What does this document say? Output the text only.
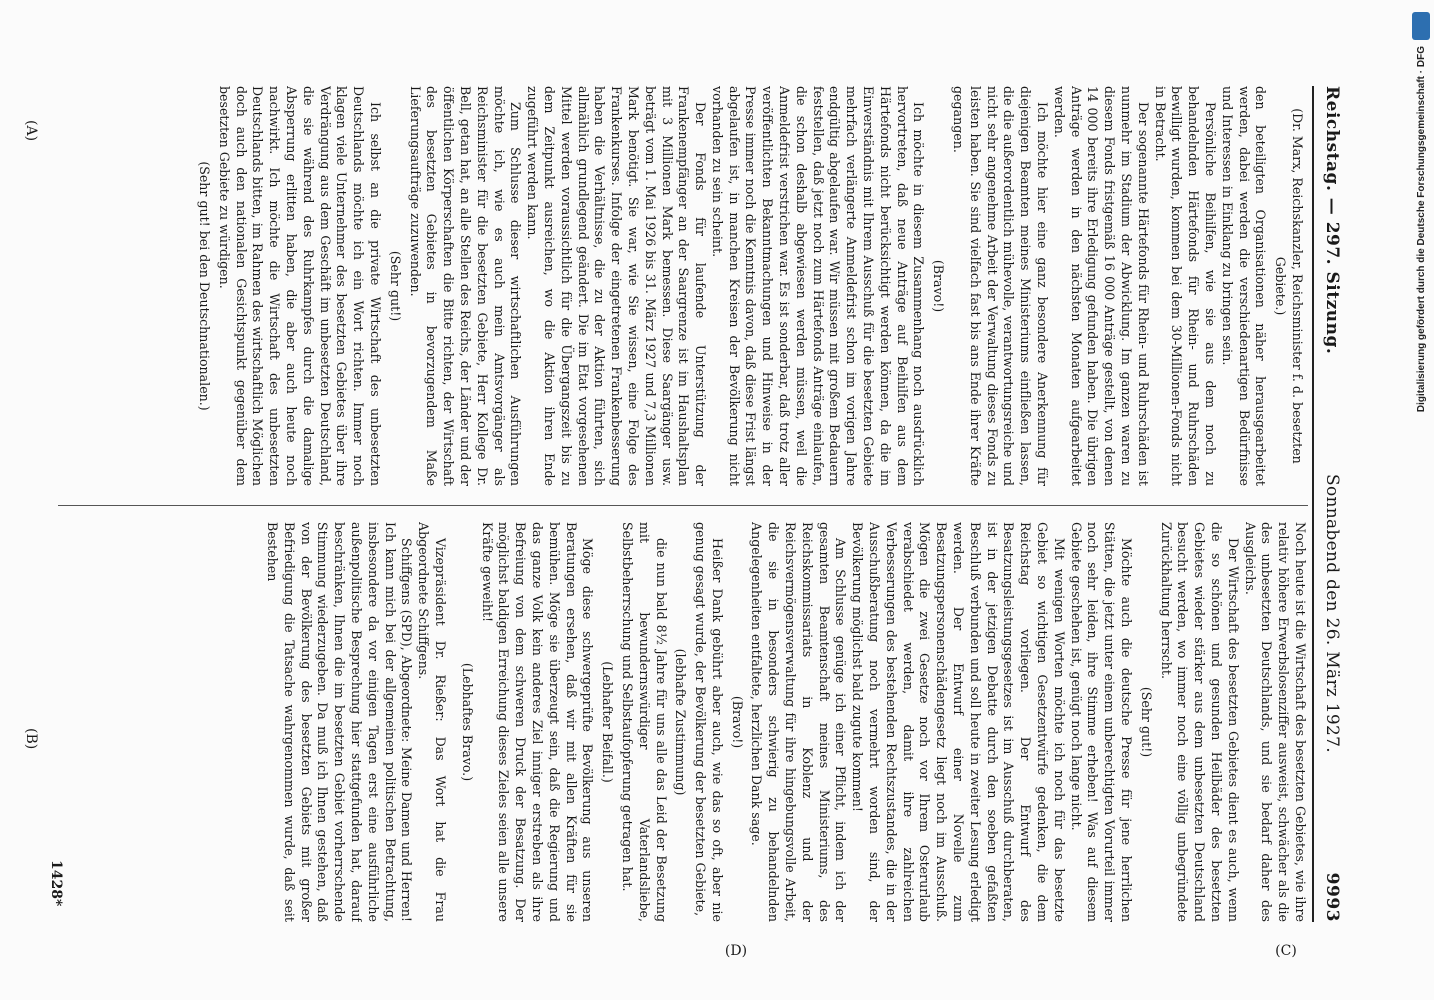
Reichstag. — 297. Sitzung.
Sonnabend den 26. März 1927.
9993

(Dr. Marx, Reichskanzler, Reichsminister f. d. besetzten Gebiete.)

den beteiligten Organisationen näher herausgearbeitet werden, dabei werden die verschiedenartigen Bedürfnisse und Interessen in Einklang zu bringen sein.

Persönliche Beihilfen, wie sie aus dem noch zu behandelnden Härtefonds für Rhein- und Ruhrschäden bewilligt wurden, kommen bei dem 30-Millionen-Fonds nicht in Betracht.

Der sogenannte Härtefonds für Rhein- und Ruhrschäden ist nunmehr im Stadium der Abwicklung. Im ganzen waren zu diesem Fonds fristgemäß 16 000 Anträge gestellt, von denen 14 000 bereits ihre Erledigung gefunden haben. Die übrigen Anträge werden in den nächsten Monaten aufgearbeitet werden.

Ich möchte hier eine ganz besondere Anerkennung für diejenigen Beamten meines Ministeriums einfließen lassen, die die außerordentlich mühevolle, verantwortungsreiche und nicht sehr angenehme Arbeit der Verwaltung dieses Fonds zu leisten haben. Sie sind vielfach fast bis ans Ende ihrer Kräfte gegangen.

(Bravo!)

Ich möchte in diesem Zusammenhang noch ausdrücklich hervortreten, daß neue Anträge auf Beihilfen aus dem Härtefonds nicht berücksichtigt werden können, da die im Einverständnis mit Ihrem Ausschuß für die besetzten Gebiete mehrfach verlängerte Anmeldefrist schon im vorigen Jahre endgültig abgelaufen war. Wir müssen mit großem Bedauern feststellen, daß jetzt noch zum Härtefonds Anträge einlaufen, die schon deshalb abgewiesen werden müssen, weil die Anmeldefrist verstrichen war. Es ist sonderbar, daß trotz aller veröffentlichten Bekanntmachungen und Hinweise in der Presse immer noch die Kenntnis davon, daß diese Frist längst abgelaufen ist, in manchen Kreisen der Bevölkerung nicht vorhanden zu sein scheint.

Der Fonds für laufende Unterstützung der Frankenempfänger an der Saargrenze ist im Haushaltsplan mit 3 Millionen Mark bemessen. Diese Saargänger usw. beträgt vom 1. Mai 1926 bis 31. März 1927 und 7,3 Millionen Mark benötigt. Sie war, wie Sie wissen, eine Folge des Frankenkurses. Infolge der eingetretenen Frankenbesserung haben die Verhältnisse, die zu der Aktion führten, sich allmählich grundlegend geändert. Die im Etat vorgesehenen Mittel werden voraussichtlich für die Übergangszeit bis zu dem Zeitpunkt ausreichen, wo die Aktion ihren Ende zugeführt werden kann.

Zum Schlusse dieser wirtschaftlichen Ausführungen möchte ich, wie es auch mein Amtsvorgänger als Reichsminister für die besetzten Gebiete, Herr Kollege Dr. Bell, getan hat, an alle Stellen des Reichs, der Länder und der öffentlichen Körperschaften die Bitte richten, der Wirtschaft des besetzten Gebietes in bevorzugendem Maße Lieferungsaufträge zuzuwenden.

(Sehr gut!)

Ich selbst an die private Wirtschaft des unbesetzten Deutschlands möchte ich ein Wort richten. Immer noch klagen viele Unternehmer des besetzten Gebietes über ihre Verdrängung aus dem Geschäft im unbesetzten Deutschland, die sie während des Ruhrkampfes durch die damalige Absperrung erlitten haben, die aber auch heute noch nachwirkt. Ich möchte die Wirtschaft des unbesetzten Deutschlands bitten, im Rahmen des wirtschaftlich Möglichen doch auch den nationalen Gesichtspunkt gegenüber dem besetzten Gebiete zu würdigen.

(Sehr gut! bei den Deutschnationalen.)

Noch heute ist die Wirtschaft des besetzten Gebietes, wie ihre relativ höhere Erwerbslosenziffer ausweist, schwächer als die des unbesetzten Deutschlands, und sie bedarf daher des Ausgleichs.

Der Wirtschaft des besetzten Gebietes dient es auch, wenn die so schönen und gesunden Heilbäder des besetzten Gebietes wieder stärker aus dem unbesetzten Deutschland besucht werden, wo immer noch eine völlig unbegründete Zurückhaltung herrscht.

(Sehr gut!)

Möchte auch die deutsche Presse für jene herrlichen Stätten, die jetzt unter einem unberechtigten Vorurteil immer noch sehr leiden, ihre Stimme erheben! Was auf diesem Gebiete geschehen ist, genügt noch lange nicht.

Mit wenigen Worten möchte ich noch für das besetzte Gebiet so wichtigen Gesetzentwürfe gedenken, die dem Reichstag vorliegen. Der Entwurf des Besatzungsleistungsgesetzes ist im Ausschuß durchberaten, ist in der jetzigen Debatte durch den soeben gefaßten Beschluß verbunden und soll heute in zweiter Lesung erledigt werden. Der Entwurf einer Novelle zum Besatzungspersonenschädengesetz liegt noch im Ausschuß. Mögen die zwei Gesetze noch vor Ihrem Osterurlaub verabschiedet werden, damit ihre zahlreichen Verbesserungen des bestehenden Rechtszustandes, die in der Ausschußberatung noch vermehrt worden sind, der Bevölkerung möglichst bald zugute kommen!

Am Schlusse genüge ich einer Pflicht, indem ich der gesamten Beamtenschaft meines Ministeriums, des Reichskommissariats in Koblenz und der Reichsvermögensverwaltung für ihre hingebungsvolle Arbeit, die sie in besonders schwierig zu behandelnden Angelegenheiten entfaltete, herzlichen Dank sage.

(Bravo!)

Heißer Dank gebührt aber auch, wie das so oft, aber nie genug gesagt wurde, der Bevölkerung der besetzten Gebiete,

(lebhafte Zustimmung)

die nun bald 8½ Jahre für uns alle das Leid der Besetzung mit bewundernswürdiger Vaterlandsliebe, Selbstbeherrschung und Selbstaufopferung getragen hat.

(Lebhafter Beifall.)

Möge diese schwergeprüfte Bevölkerung aus unseren Beratungen ersehen, daß wir mit allen Kräften für sie bemühen. Möge sie überzeugt sein, daß die Regierung und das ganze Volk kein anderes Ziel inniger erstreben als ihre Befreiung von dem schweren Druck der Besatzung. Der möglichst baldigen Erreichung dieses Zieles seien alle unsere Kräfte geweiht!

(Lebhaftes Bravo.)

Vizepräsident Dr. Rießer: Das Wort hat die Frau Abgeordnete Schiffgens.

Schiffgens (SPD), Abgeordnete: Meine Damen und Herren! Ich kann mich bei der allgemeinen politischen Betrachtung, insbesondere da vor einigen Tagen erst eine ausführliche außenpolitische Besprechung hier stattgefunden hat, darauf beschränken, Ihnen die im besetzten Gebiet vorherrschende Stimmung wiederzugeben. Da muß ich Ihnen gestehen, daß von der Bevölkerung des besetzten Gebiets mit großer Befriedigung die Tatsache wahrgenommen wurde, daß seit Bestehen

(A)
(B)
(C)
(D)
1428*
Digitalisierung gefördert durch die Deutsche Forschungsgemeinschaft · DFG
